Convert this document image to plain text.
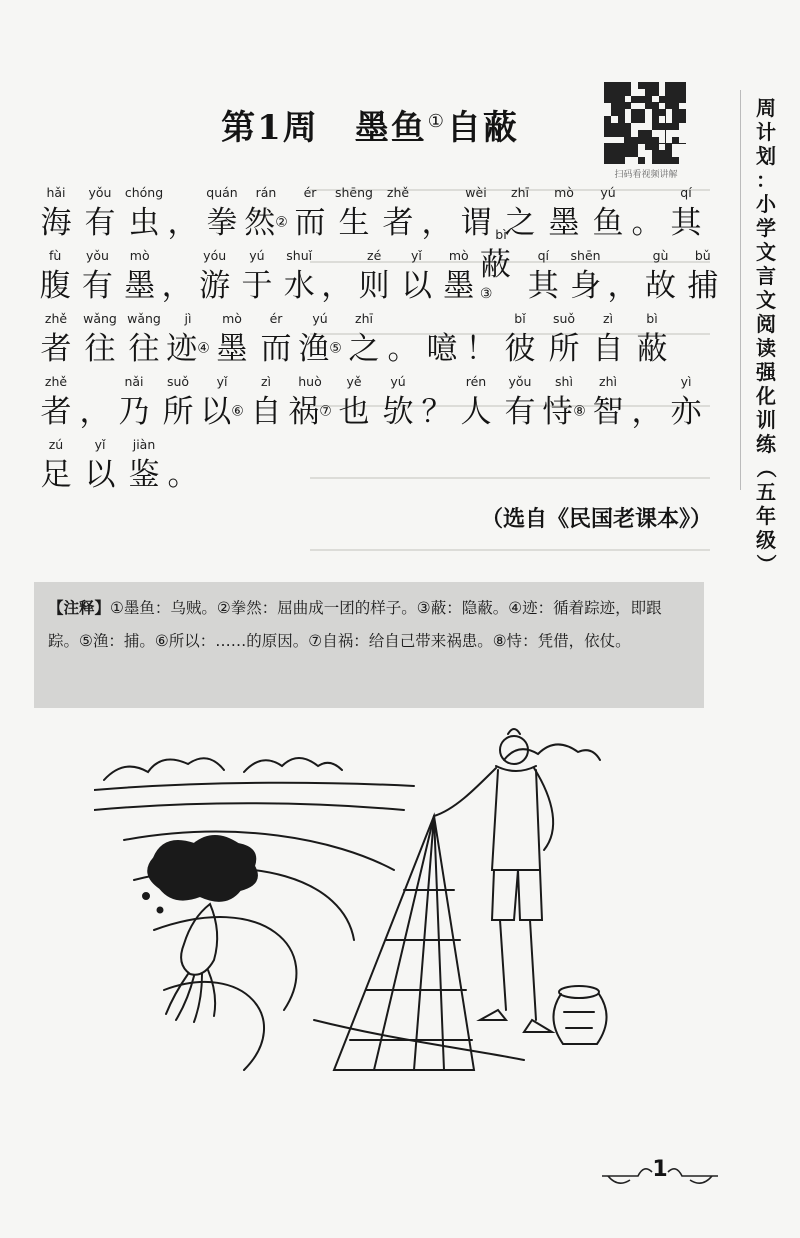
第1周 墨鱼①自蔽
扫码看视频讲解
周
计
划
：
小
学
文
言
文
阅
读
强
化
训
练
（
五
年
级
）
hǎi
海
yǒu
有
chóng
虫 ，
quán
拳
rán
然②
ér
而
shēng
生
zhě
者 ，
wèi
谓
zhī
之
mò
墨
yú
鱼 。
qí
其
fù
腹
yǒu
有
mò
墨 ，
yóu
游
yú
于
shuǐ
水 ，
zé
则
yǐ
以
mò
墨
bì
蔽③
qí
其
shēn
身 ，
gù
故
bǔ
捕
zhě
者
wǎng
往
wǎng
往
jì
迹④
mò
墨
ér
而
yú
渔⑤
zhī
之 。 噫 ！
bǐ
彼
suǒ
所
zì
自
bì
蔽
zhě
者 ，
nǎi
乃
suǒ
所
yǐ
以⑥
zì
自
huò
祸⑦
yě
也
yú
欤 ？
rén
人
yǒu
有
shì
恃⑧
zhì
智 ，
yì
亦
zú
足
yǐ
以
jiàn
鉴 。
（选自《民国老课本》）
【注释】①墨鱼：乌贼。②拳然：屈曲成一团的样子。③蔽：隐蔽。④迹：循着踪迹，即跟踪。⑤渔：捕。⑥所以：……的原因。⑦自祸：给自己带来祸患。⑧恃：凭借，依仗。
1
